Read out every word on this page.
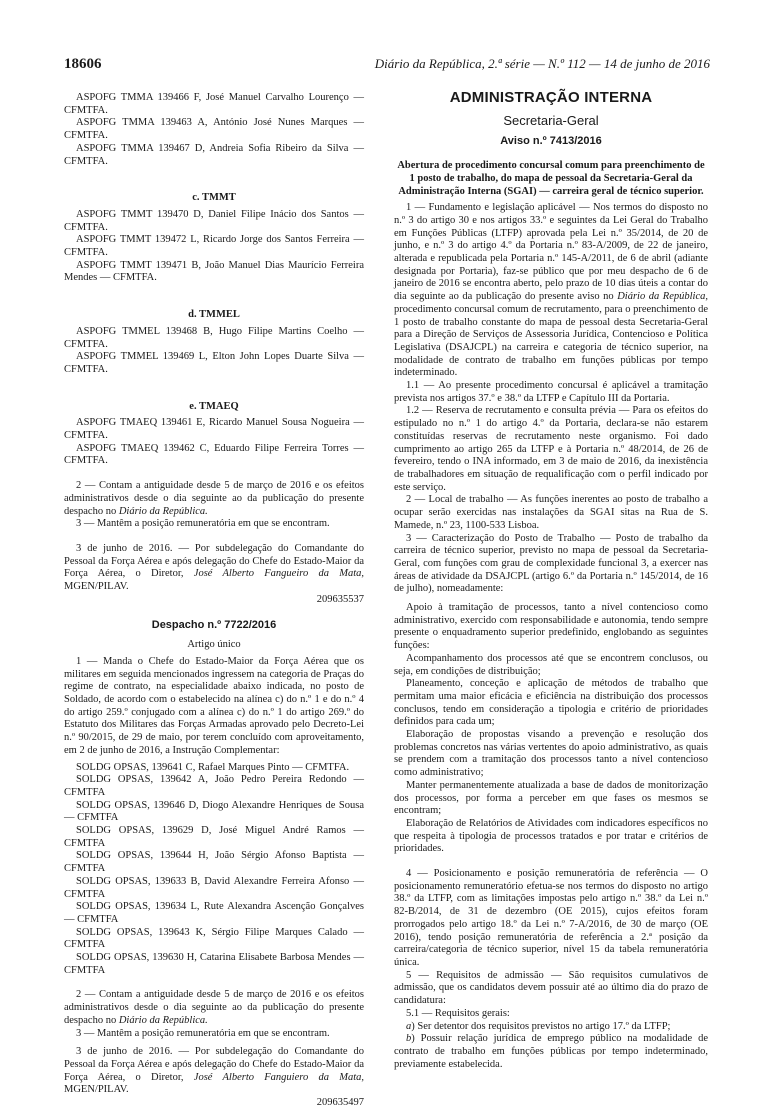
18606	Diário da República, 2.ª série — N.º 112 — 14 de junho de 2016

ASPOFG TMMA 139466 F, José Manuel Carvalho Lourenço — CFMTFA.

ASPOFG TMMA 139463 A, António José Nunes Marques — CFMTFA.

ASPOFG TMMA 139467 D, Andreia Sofia Ribeiro da Silva — CFMTFA.

c. TMMT

ASPOFG TMMT 139470 D, Daniel Filipe Inácio dos Santos — CFMTFA.

ASPOFG TMMT 139472 L, Ricardo Jorge dos Santos Ferreira — CFMTFA.

ASPOFG TMMT 139471 B, João Manuel Dias Maurício Ferreira Mendes — CFMTFA.

d. TMMEL

ASPOFG TMMEL 139468 B, Hugo Filipe Martins Coelho — CFMTFA.

ASPOFG TMMEL 139469 L, Elton John Lopes Duarte Silva — CFMTFA.

e. TMAEQ

ASPOFG TMAEQ 139461 E, Ricardo Manuel Sousa Nogueira — CFMTFA.

ASPOFG TMAEQ 139462 C, Eduardo Filipe Ferreira Torres — CFMTFA.

2 — Contam a antiguidade desde 5 de março de 2016 e os efeitos administrativos desde o dia seguinte ao da publicação do presente despacho no Diário da República.

3 — Mantêm a posição remuneratória em que se encontram.

3 de junho de 2016. — Por subdelegação do Comandante do Pessoal da Força Aérea e após delegação do Chefe do Estado-Maior da Força Aérea, o Diretor, José Alberto Fangueiro da Mata, MGEN/PILAV.

209635537

Despacho n.º 7722/2016

Artigo único

1 — Manda o Chefe do Estado-Maior da Força Aérea que os militares em seguida mencionados ingressem na categoria de Praças do regime de contrato, na especialidade abaixo indicada, no posto de Soldado, de acordo com o estabelecido na alínea c) do n.º 1 e do n.º 4 do artigo 259.º conjugado com a alínea c) do n.º 1 do artigo 269.º do Estatuto dos Militares das Forças Armadas aprovado pelo Decreto-Lei n.º 90/2015, de 29 de maio, por terem concluído com aproveitamento, em 2 de junho de 2016, a Instrução Complementar:

SOLDG OPSAS, 139641 C, Rafael Marques Pinto — CFMTFA.

SOLDG OPSAS, 139642 A, João Pedro Pereira Redondo — CFMTFA

SOLDG OPSAS, 139646 D, Diogo Alexandre Henriques de Sousa — CFMTFA

SOLDG OPSAS, 139629 D, José Miguel André Ramos — CFMTFA

SOLDG OPSAS, 139644 H, João Sérgio Afonso Baptista — CFMTFA

SOLDG OPSAS, 139633 B, David Alexandre Ferreira Afonso — CFMTFA

SOLDG OPSAS, 139634 L, Rute Alexandra Ascenção Gonçalves — CFMTFA

SOLDG OPSAS, 139643 K, Sérgio Filipe Marques Calado — CFMTFA

SOLDG OPSAS, 139630 H, Catarina Elisabete Barbosa Mendes — CFMTFA

2 — Contam a antiguidade desde 5 de março de 2016 e os efeitos administrativos desde o dia seguinte ao da publicação do presente despacho no Diário da República.

3 — Mantêm a posição remuneratória em que se encontram.

3 de junho de 2016. — Por subdelegação do Comandante do Pessoal da Força Aérea e após delegação do Chefe do Estado-Maior da Força Aérea, o Diretor, José Alberto Fanguiero da Mata, MGEN/PILAV.

209635497

ADMINISTRAÇÃO INTERNA

Secretaria-Geral

Aviso n.º 7413/2016

Abertura de procedimento concursal comum para preenchimento de 1 posto de trabalho, do mapa de pessoal da Secretaria-Geral da Administração Interna (SGAI) — carreira geral de técnico superior.

1 — Fundamento e legislação aplicável — Nos termos do disposto no n.º 3 do artigo 30 e nos artigos 33.º e seguintes da Lei Geral do Trabalho em Funções Públicas (LTFP) aprovada pela Lei n.º 35/2014, de 20 de junho, e n.º 3 do artigo 4.º da Portaria n.º 83-A/2009, de 22 de janeiro, alterada e republicada pela Portaria n.º 145-A/2011, de 6 de abril (adiante designada por Portaria), faz-se público que por meu despacho de 6 de janeiro de 2016 se encontra aberto, pelo prazo de 10 dias úteis a contar do dia seguinte ao da publicação do presente aviso no Diário da República, procedimento concursal comum de recrutamento, para o preenchimento de 1 posto de trabalho constante do mapa de pessoal desta Secretaria-Geral para a Direção de Serviços de Assessoria Jurídica, Contencioso e Política Legislativa (DSAJCPL) na carreira e categoria de técnico superior, na modalidade de contrato de trabalho em funções públicas por tempo indeterminado.

1.1 — Ao presente procedimento concursal é aplicável a tramitação prevista nos artigos 37.º e 38.º da LTFP e Capítulo III da Portaria.

1.2 — Reserva de recrutamento e consulta prévia — Para os efeitos do estipulado no n.º 1 do artigo 4.º da Portaria, declara-se não estarem constituídas reservas de recrutamento neste organismo. Foi dado cumprimento ao artigo 265 da LTFP e à Portaria n.º 48/2014, de 26 de fevereiro, tendo o INA informado, em 3 de maio de 2016, da inexistência de trabalhadores em situação de requalificação com o perfil indicado por este serviço.

2 — Local de trabalho — As funções inerentes ao posto de trabalho a ocupar serão exercidas nas instalações da SGAI sitas na Rua de S. Mamede, n.º 23, 1100-533 Lisboa.

3 — Caracterização do Posto de Trabalho — Posto de trabalho da carreira de técnico superior, previsto no mapa de pessoal da Secretaria-Geral, com funções com grau de complexidade funcional 3, a exercer nas áreas de atividade da DSAJCPL (artigo 6.º da Portaria n.º 145/2014, de 16 de julho), nomeadamente:

Apoio à tramitação de processos, tanto a nível contencioso como administrativo, exercido com responsabilidade e autonomia, tendo sempre presente o enquadramento superior predefinido, englobando as seguintes funções:

Acompanhamento dos processos até que se encontrem conclusos, ou seja, em condições de distribuição;

Planeamento, conceção e aplicação de métodos de trabalho que permitam uma maior eficácia e eficiência na distribuição dos processos conclusos, tendo em consideração a tipologia e critério de prioridades definidos para cada um;

Elaboração de propostas visando a prevenção e resolução dos problemas concretos nas várias vertentes do apoio administrativo, as quais se prendem com a tramitação dos processos tanto a nível contencioso como administrativo;

Manter permanentemente atualizada a base de dados de monitorização dos processos, por forma a perceber em que fases os mesmos se encontram;

Elaboração de Relatórios de Atividades com indicadores específicos no que respeita à tipologia de processos tratados e por tratar e critérios de prioridades.

4 — Posicionamento e posição remuneratória de referência — O posicionamento remuneratório efetua-se nos termos do disposto no artigo 38.º da LTFP, com as limitações impostas pelo artigo n.º 38.º da Lei n.º 82-B/2014, de 31 de dezembro (OE 2015), cujos efeitos foram prorrogados pelo artigo 18.º da Lei n.º 7-A/2016, de 30 de março (OE 2016), tendo posição remuneratória de referência a 2.ª posição da carreira/categoria de técnico superior, nível 15 da tabela remuneratória única.

5 — Requisitos de admissão — São requisitos cumulativos de admissão, que os candidatos devem possuir até ao último dia do prazo de candidatura:

5.1 — Requisitos gerais:

a) Ser detentor dos requisitos previstos no artigo 17.º da LTFP;

b) Possuir relação jurídica de emprego público na modalidade de contrato de trabalho em funções públicas por tempo indeterminado, previamente estabelecida.
